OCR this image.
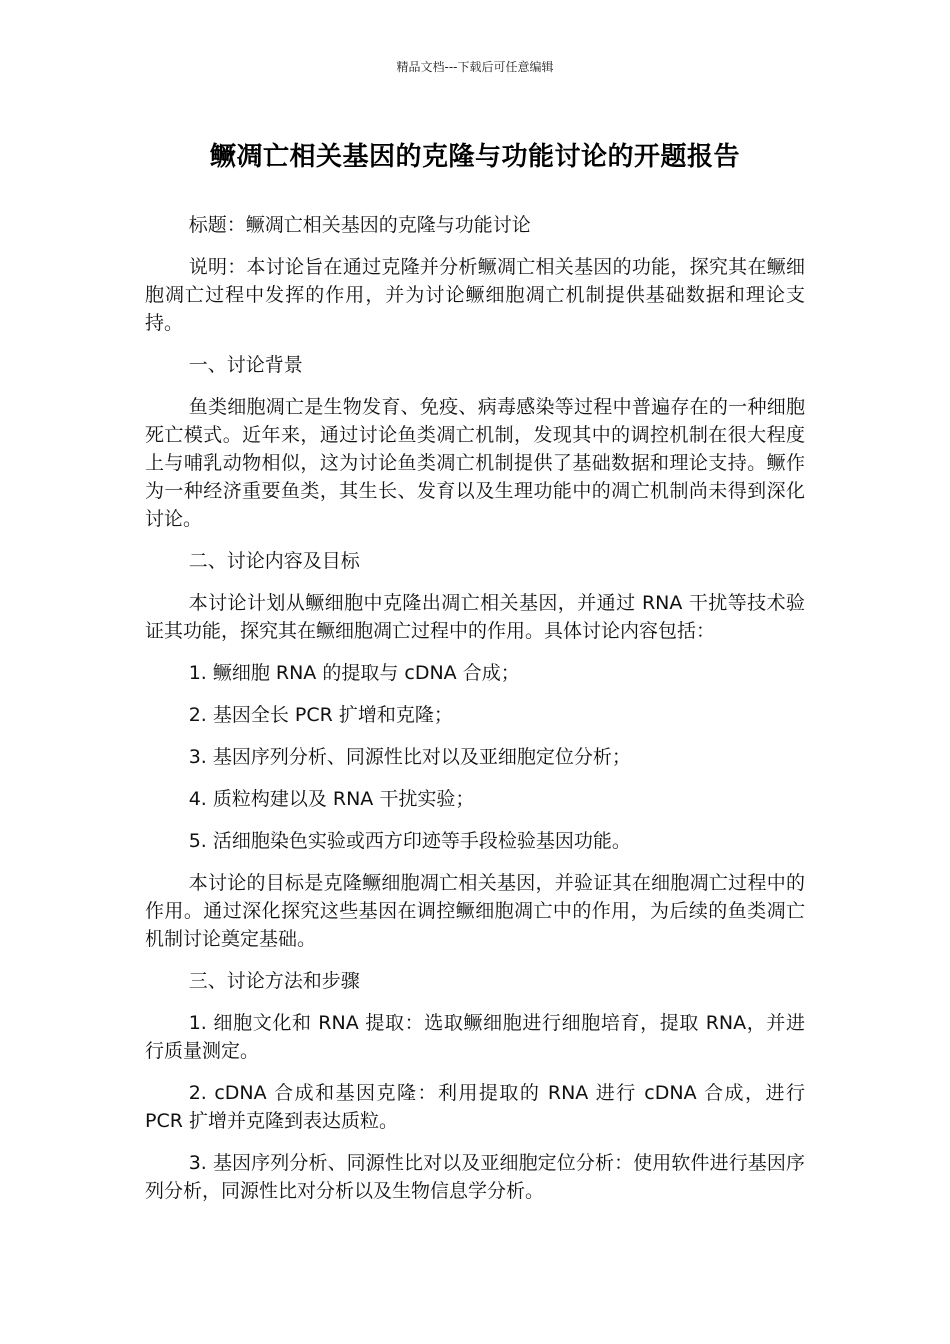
精品文档---下载后可任意编辑
鳜凋亡相关基因的克隆与功能讨论的开题报告

标题：鳜凋亡相关基因的克隆与功能讨论

说明：本讨论旨在通过克隆并分析鳜凋亡相关基因的功能，探究其在鳜细胞凋亡过程中发挥的作用，并为讨论鳜细胞凋亡机制提供基础数据和理论支持。

一、讨论背景

鱼类细胞凋亡是生物发育、免疫、病毒感染等过程中普遍存在的一种细胞死亡模式。近年来，通过讨论鱼类凋亡机制，发现其中的调控机制在很大程度上与哺乳动物相似，这为讨论鱼类凋亡机制提供了基础数据和理论支持。鳜作为一种经济重要鱼类，其生长、发育以及生理功能中的凋亡机制尚未得到深化讨论。

二、讨论内容及目标

本讨论计划从鳜细胞中克隆出凋亡相关基因，并通过 RNA 干扰等技术验证其功能，探究其在鳜细胞凋亡过程中的作用。具体讨论内容包括：

1. 鳜细胞 RNA 的提取与 cDNA 合成；

2. 基因全长 PCR 扩增和克隆；

3. 基因序列分析、同源性比对以及亚细胞定位分析；

4. 质粒构建以及 RNA 干扰实验；

5. 活细胞染色实验或西方印迹等手段检验基因功能。

本讨论的目标是克隆鳜细胞凋亡相关基因，并验证其在细胞凋亡过程中的作用。通过深化探究这些基因在调控鳜细胞凋亡中的作用，为后续的鱼类凋亡机制讨论奠定基础。

三、讨论方法和步骤

1. 细胞文化和 RNA 提取：选取鳜细胞进行细胞培育，提取 RNA，并进行质量测定。

2. cDNA 合成和基因克隆：利用提取的 RNA 进行 cDNA 合成，进行 PCR 扩增并克隆到表达质粒。

3. 基因序列分析、同源性比对以及亚细胞定位分析：使用软件进行基因序列分析，同源性比对分析以及生物信息学分析。
